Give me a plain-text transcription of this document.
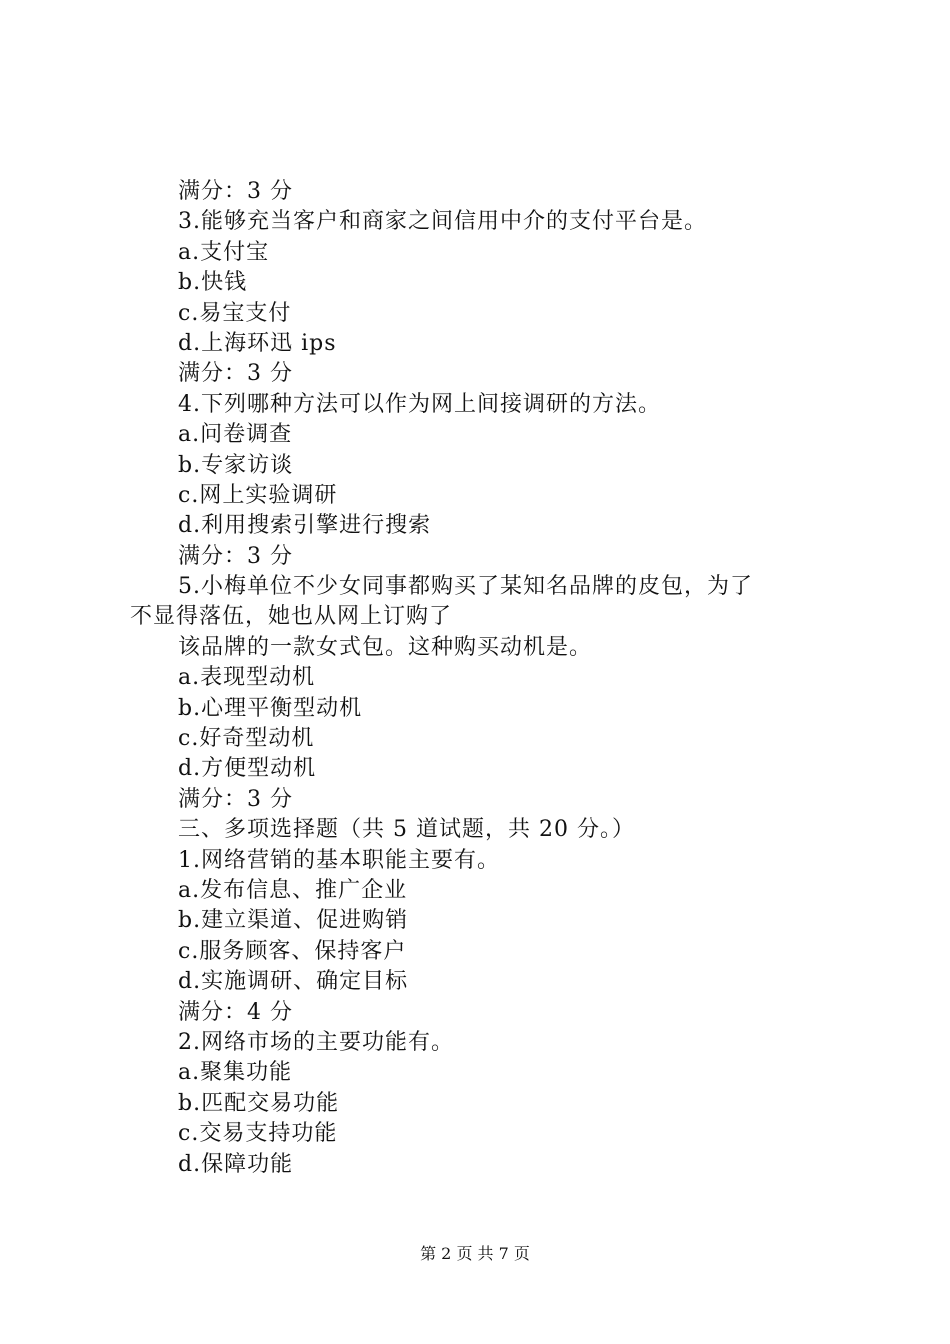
满分：3 分
3.能够充当客户和商家之间信用中介的支付平台是。
a.支付宝
b.快钱
c.易宝支付
d.上海环迅 ips
满分：3 分
4.下列哪种方法可以作为网上间接调研的方法。
a.问卷调查
b.专家访谈
c.网上实验调研
d.利用搜索引擎进行搜索
满分：3 分
5.小梅单位不少女同事都购买了某知名品牌的皮包，为了
不显得落伍，她也从网上订购了
该品牌的一款女式包。这种购买动机是。
a.表现型动机
b.心理平衡型动机
c.好奇型动机
d.方便型动机
满分：3 分
三、多项选择题（共 5 道试题，共 20 分。）
1.网络营销的基本职能主要有。
a.发布信息、推广企业
b.建立渠道、促进购销
c.服务顾客、保持客户
d.实施调研、确定目标
满分：4 分
2.网络市场的主要功能有。
a.聚集功能
b.匹配交易功能
c.交易支持功能
d.保障功能
第 2 页 共 7 页
